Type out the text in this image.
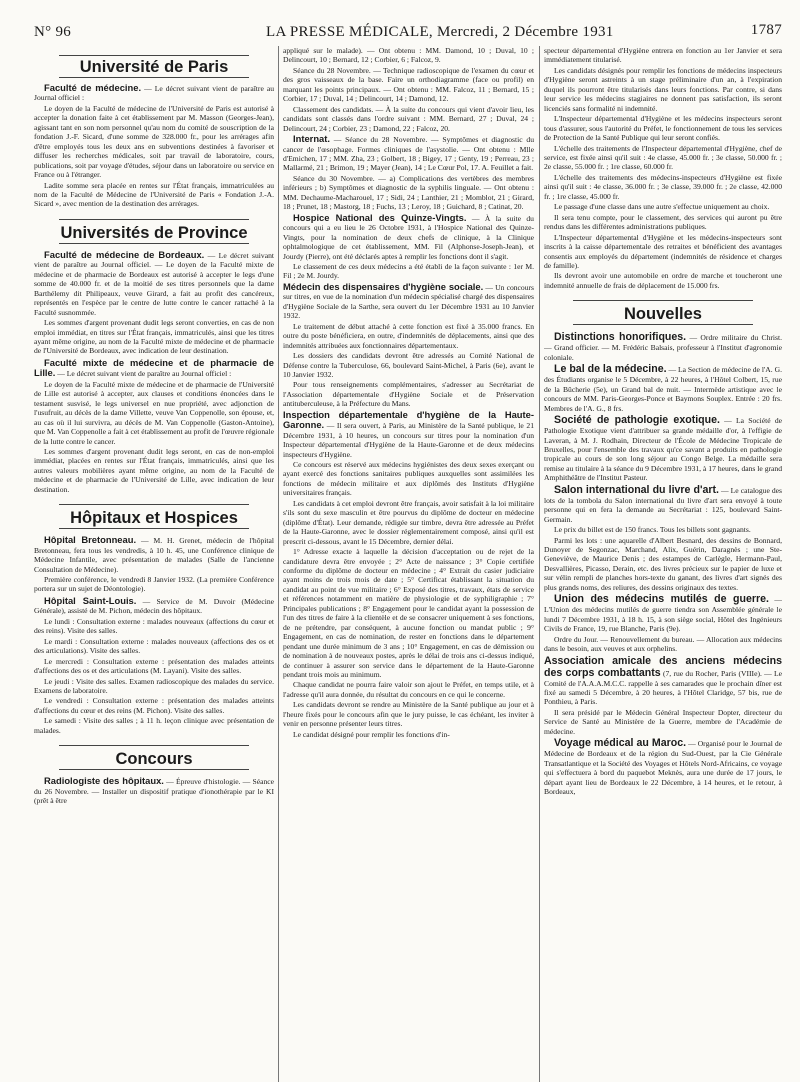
N° 96	LA PRESSE MÉDICALE, Mercredi, 2 Décembre 1931	1787
Université de Paris

Faculté de médecine. — Le décret suivant vient de paraître au Journal officiel :

Le doyen de la Faculté de médecine de l'Université de Paris est autorisé à accepter la donation faite à cet établissement par M. Masson (Georges-Jean), agissant tant en son nom personnel qu'au nom du comité de souscription de la fondation J.-F. Sicard, d'une somme de 328.000 fr., pour les arrérages afin d'être employés tous les deux ans en subventions destinées à favoriser et diffuser les recherches médicales, soit par travail de laboratoire, cours, publications, soit par voyage d'études, séjour dans un laboratoire ou service en France ou à l'étranger.

Ladite somme sera placée en rentes sur l'État français, immatriculées au nom de la Faculté de Médecine de l'Université de Paris « Fondation J.-A. Sicard », avec mention de la destination des arrérages.

Universités de Province

Faculté de médecine de Bordeaux. — Le décret suivant vient de paraître au Journal officiel. — Le doyen de la Faculté mixte de médecine et de pharmacie de Bordeaux est autorisé à accepter le legs d'une somme de 40.000 fr. et de la moitié de ses titres personnels que la dame Barthélemy dit Philipeaux, veuve Girard, a fait au profit des cancéreux, représentés en l'espèce par le centre de lutte contre le cancer rattaché à la Faculté susnommée.

Les sommes d'argent provenant dudit legs seront converties, en cas de non emploi immédiat, en titres sur l'État français, immatriculés, ainsi que les titres ayant même origine, au nom de la Faculté mixte de médecine et de pharmacie de l'Université de Bordeaux, avec indication de leur destination.

Faculté mixte de médecine et de pharmacie de Lille. — Le décret suivant vient de paraître au Journal officiel :

Le doyen de la Faculté mixte de médecine et de pharmacie de l'Université de Lille est autorisé à accepter, aux clauses et conditions énoncées dans le testament susvisé, le legs universel en nue propriété, avec adjonction de l'usufruit, au décès de la dame Villette, veuve Van Coppenolle, son épouse, et, au cas où il lui survivra, au décès de M. Van Coppenolle (Gaston-Antoine), que M. Van Coppenolle a fait à cet établissement au profit de l'œuvre régionale de la lutte contre le cancer.

Les sommes d'argent provenant dudit legs seront, en cas de non-emploi immédiat, placées en rentes sur l'État français, immatriculés, ainsi que les autres valeurs mobilières ayant même origine, au nom de la Faculté de médecine et de pharmacie de l'Université de Lille, avec indication de leur destination.

Hôpitaux et Hospices

Hôpital Bretonneau. — M. H. Grenet, médecin de l'hôpital Bretonneau, fera tous les vendredis, à 10 h. 45, une Conférence clinique de Médecine Infantile, avec présentation de malades (Salle de l'ancienne Consultation de Médecine).

Première conférence, le vendredi 8 Janvier 1932. (La première Conférence portera sur un sujet de Déontologie).

Hôpital Saint-Louis. — Service de M. Duvoir (Médecine Générale), assisté de M. Pichon, médecin des hôpitaux.

Le lundi : Consultation externe : malades nouveaux (affections du cœur et des reins). Visite des salles.

Le mardi : Consultation externe : malades nouveaux (affections des os et des articulations). Visite des salles.

Le mercredi : Consultation externe : présentation des malades atteints d'affections des os et des articulations (M. Layani). Visite des salles.

Le jeudi : Visite des salles. Examen radioscopique des malades du service. Examens de laboratoire.

Le vendredi : Consultation externe : présentation des malades atteints d'affections du cœur et des reins (M. Pichon). Visite des salles.

Le samedi : Visite des salles ; à 11 h. leçon clinique avec présentation de malades.

Concours

Radiologiste des hôpitaux. — Épreuve d'histologie. — Séance du 26 Novembre. — Installer un dispositif pratique d'ionothérapie par le KI (prêt à être

appliqué sur le malade). — Ont obtenu : MM. Damond, 10 ; Duval, 10 ; Delincourt, 10 ; Bernard, 12 ; Corbier, 6 ; Falcoz, 9.

Séance du 28 Novembre. — Technique radioscopique de l'examen du cœur et des gros vaisseaux de la base. Faire un orthodiagramme (face ou profil) en marquant les points principaux. — Ont obtenu : MM. Falcoz, 11 ; Bernard, 15 ; Corbier, 17 ; Duval, 14 ; Delincourt, 14 ; Damond, 12.

Classement des candidats. — À la suite du concours qui vient d'avoir lieu, les candidats sont classés dans l'ordre suivant : MM. Bernard, 27 ; Duval, 24 ; Delincourt, 24 ; Corbier, 23 ; Damond, 22 ; Falcoz, 20.

Internat. — Séance du 28 Novembre. — Symptômes et diagnostic du cancer de l'œsophage. Formes cliniques de l'asystolie. — Ont obtenu : Mlle d'Emichen, 17 ; MM. Zha, 23 ; Golbert, 18 ; Bigey, 17 ; Genty, 19 ; Perreau, 23 ; Mallarmé, 21 ; Brimon, 19 ; Mayer (Jean), 14 ; Le Cœur Pol, 17. A. Feuillet a fait.

Séance du 30 Novembre. — a) Complications des vertèbres des membres inférieurs ; b) Symptômes et diagnostic de la syphilis linguale. — Ont obtenu : MM. Dechaume-Macharouel, 17 ; Sidi, 24 ; Lanthier, 21 ; Momblot, 21 ; Girard, 18 ; Prunet, 18 ; Mastorg, 18 ; Fuchs, 13 ; Leroy, 18 ; Guichard, 8 ; Catinat, 20.

Hospice National des Quinze-Vingts. — À la suite du concours qui a eu lieu le 26 Octobre 1931, à l'Hospice National des Quinze-Vingts, pour la nomination de deux chefs de clinique, à la Clinique ophtalmologique de cet établissement, MM. Fil (Alphonse-Joseph-Jean), et Jourdy (Pierre), ont été déclarés aptes à remplir les fonctions dont il s'agit.

Le classement de ces deux médecins a été établi de la façon suivante : 1er M. Fil ; 2e M. Jourdy.

Médecin des dispensaires d'hygiène sociale. — Un concours sur titres, en vue de la nomination d'un médecin spécialisé chargé des dispensaires d'Hygiène Sociale de la Sarthe, sera ouvert du 1er Décembre 1931 au 10 Janvier 1932.

Le traitement de début attaché à cette fonction est fixé à 35.000 francs. En outre du poste bénéficiera, en outre, d'indemnités de déplacements, ainsi que des indemnités attribuées aux fonctionnaires départementaux.

Les dossiers des candidats devront être adressés au Comité National de Défense contre la Tuberculose, 66, boulevard Saint-Michel, à Paris (6e), avant le 10 Janvier 1932.

Pour tous renseignements complémentaires, s'adresser au Secrétariat de l'Association départementale d'Hygiène Sociale et de Préservation antituberculeuse, à la Préfecture du Mans.

Inspection départementale d'hygiène de la Haute-Garonne. — Il sera ouvert, à Paris, au Ministère de la Santé publique, le 21 Décembre 1931, à 10 heures, un concours sur titres pour la nomination d'un Inspecteur départemental d'Hygiène de la Haute-Garonne et de deux médecins inspecteurs d'Hygiène.

Ce concours est réservé aux médecins hygiénistes des deux sexes exerçant ou ayant exercé des fonctions sanitaires publiques auxquelles sont assimilées les fonctions de médecin militaire et aux diplômés des Instituts d'Hygiène universitaires français.

Les candidats à cet emploi devront être français, avoir satisfait à la loi militaire s'ils sont du sexe masculin et être pourvus du diplôme de docteur en médecine (diplôme d'État). Leur demande, rédigée sur timbre, devra être adressée au Préfet de la Haute-Garonne, avec le dossier réglementairement composé, ainsi qu'il est prescrit ci-dessous, avant le 15 Décembre, dernier délai.

1° Adresse exacte à laquelle la décision d'acceptation ou de rejet de la candidature devra être envoyée ; 2° Acte de naissance ; 3° Copie certifiée conforme du diplôme de docteur en médecine ; 4° Extrait du casier judiciaire ayant moins de trois mois de date ; 5° Certificat établissant la situation du candidat au point de vue militaire ; 6° Exposé des titres, travaux, états de service et références notamment en matière de physiologie et de syphiligraphie ; 7° Principales publications ; 8° Engagement pour le candidat ayant la possession de l'un des titres de faire à la clientèle et de se consacrer uniquement à ses fonctions, de ne prétendre, par conséquent, à aucune fonction ou mandat public ; 9° Engagement, en cas de nomination, de rester en fonctions dans le département pendant une durée minimum de 3 ans ; 10° Engagement, en cas de démission ou de nomination à de nouveaux postes, après le délai de trois ans ci-dessus indiqué, de continuer à assurer son service dans le département de la Haute-Garonne pendant trois mois au minimum.

Chaque candidat ne pourra faire valoir son ajout le Préfet, en temps utile, et à l'adresse qu'il aura donnée, du résultat du concours en ce qui le concerne.

Les candidats devront se rendre au Ministère de la Santé publique au jour et à l'heure fixés pour le concours afin que le jury puisse, le cas échéant, les inviter à venir en personne présenter leurs titres.

Le candidat désigné pour remplir les fonctions d'in-

specteur départemental d'Hygiène entrera en fonction au 1er Janvier et sera immédiatement titularisé.

Les candidats désignés pour remplir les fonctions de médecins inspecteurs d'Hygiène seront astreints à un stage préliminaire d'un an, à l'expiration duquel ils pourront être titularisés dans leurs fonctions. Par contre, si dans leur service les médecins stagiaires ne donnent pas satisfaction, ils seront licenciés sans formalité ni indemnité.

L'Inspecteur départemental d'Hygiène et les médecins inspecteurs seront tous d'assurer, sous l'autorité du Préfet, le fonctionnement de tous les services de Protection de la Santé Publique qui leur seront confiés.

L'échelle des traitements de l'Inspecteur départemental d'Hygiène, chef de service, est fixée ainsi qu'il suit : 4e classe, 45.000 fr. ; 3e classe, 50.000 fr. ; 2e classe, 55.000 fr. ; 1re classe, 60.000 fr.

L'échelle des traitements des médecins-inspecteurs d'Hygiène est fixée ainsi qu'il suit : 4e classe, 36.000 fr. ; 3e classe, 39.000 fr. ; 2e classe, 42.000 fr. ; 1re classe, 45.000 fr.

Le passage d'une classe dans une autre s'effectue uniquement au choix.

Il sera tenu compte, pour le classement, des services qui auront pu être rendus dans les différentes administrations publiques.

L'Inspecteur départemental d'Hygiène et les médecins-inspecteurs sont inscrits à la caisse départementale des retraites et bénéficient des avantages consentis aux employés du département (indemnités de résidence et charges de famille).

Ils devront avoir une automobile en ordre de marche et toucheront une indemnité annuelle de frais de déplacement de 15.000 frs.

Nouvelles

Distinctions honorifiques. — Ordre militaire du Christ. — Grand officier. — M. Frédéric Balsais, professeur à l'Institut d'agronomie coloniale.

Le bal de la médecine. — La Section de médecine de l'A. G. des Étudiants organise le 5 Décembre, à 22 heures, à l'Hôtel Colbert, 15, rue de la Bûcherie (5e), un Grand bal de nuit. — Intermède artistique avec le concours de MM. Paris-Georges-Ponce et Baymons Souplex. Entrée : 20 frs. Membres de l'A. G., 8 frs.

Société de pathologie exotique. — La Société de Pathologie Exotique vient d'attribuer sa grande médaille d'or, à l'effigie de Laveran, à M. J. Rodhain, Directeur de l'École de Médecine Tropicale de Bruxelles, pour l'ensemble des travaux qu'ce savant a produits en pathologie tropicale au cours de son long séjour au Congo Belge. La médaille sera remise au titulaire à la séance du 9 Décembre 1931, à 17 heures, dans le grand Amphithéâtre de l'Institut Pasteur.

Salon international du livre d'art. — Le catalogue des lots de la tombola du Salon international du livre d'art sera envoyé à toute personne qui en fera la demande au Secrétariat : 125, boulevard Saint-Germain.

Le prix du billet est de 150 francs. Tous les billets sont gagnants.

Parmi les lots : une aquarelle d'Albert Besnard, des dessins de Bonnard, Dunoyer de Segonzac, Marchand, Alix, Guérin, Daragnès ; une Ste-Geneviève, de Maurice Denis ; des estampes de Carlègle, Hermann-Paul, Desvallières, Picasso, Derain, etc. des livres précieux sur le papier de luxe et sur vélin rempli de planches hors-texte du ganant, des livres d'art signés des plus grands noms, des reliures, des dessins originaux des textes.

Union des médecins mutilés de guerre. — L'Union des médecins mutilés de guerre tiendra son Assemblée générale le lundi 7 Décembre 1931, à 18 h. 15, à son siège social, Hôtel des Ingénieurs Civils de France, 19, rue Blanche, Paris (9e).

Ordre du Jour. — Renouvellement du bureau. — Allocation aux médecins dans le besoin, aux veuves et aux orphelins.

Association amicale des anciens médecins des corps combattants (7, rue du Rocher, Paris (VIIIe). — Le Comité de l'A.A.A.M.C.C. rappelle à ses camarades que le prochain dîner est fixé au samedi 5 Décembre, à 20 heures, à l'Hôtel Claridge, 57 bis, rue de Ponthieu, à Paris.

Il sera présidé par le Médecin Général Inspecteur Dopter, directeur du Service de Santé au Ministère de la Guerre, membre de l'Académie de médecine.

Voyage médical au Maroc. — Organisé pour le Journal de Médecine de Bordeaux et de la région du Sud-Ouest, par la Cie Générale Transatlantique et la Société des Voyages et Hôtels Nord-Africains, ce voyage qui s'effectuera à bord du paquebot Meknès, aura une durée de 17 jours, le départ ayant lieu de Bordeaux le 22 Décembre, à 14 heures, et le retour, à Bordeaux,
